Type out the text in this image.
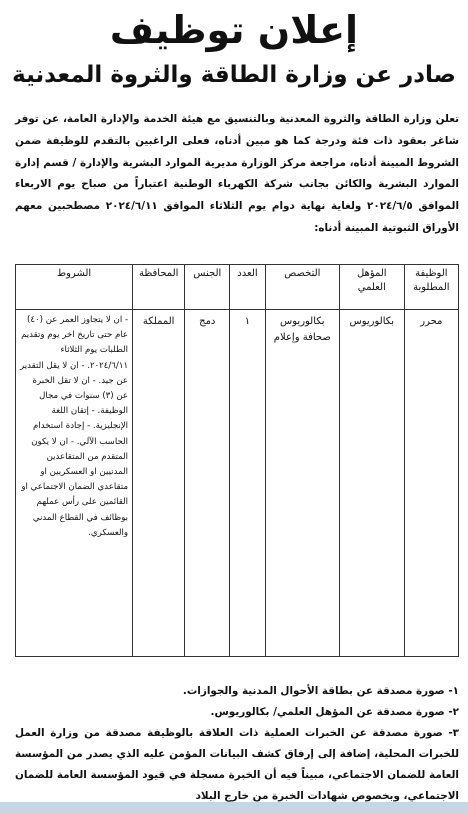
إعلان توظيف
صادر عن وزارة الطاقة والثروة المعدنية
تعلن وزارة الطاقة والثروة المعدنية وبالتنسيق مع هيئة الخدمة والإدارة العامة، عن توفر شاغر بعقود ذات فئة ودرجة كما هو مبين أدناه، فعلى الراغبين بالتقدم للوظيفة ضمن الشروط المبينة أدناه، مراجعة مركز الوزارة مديرية الموارد البشرية والإدارة / قسم إدارة الموارد البشرية والكائن بجانب شركة الكهرباء الوطنية اعتباراً من صباح يوم الاربعاء الموافق ٢٠٢٤/٦/٥ ولغاية نهاية دوام يوم الثلاثاء الموافق ٢٠٢٤/٦/١١ مصطحبين معهم الأوراق الثبوتية المبينة أدناه:
الوظيفة المطلوبة	المؤهل العلمي	التخصص	العدد	الجنس	المحافظة	الشروط
محرر	بكالوريوس	بكالوريوس صحافة وإعلام	١	دمج	المملكة	- ان لا يتجاوز العمر عن (٤٠) عام حتى تاريخ اخر يوم وتقديم الطلبات يوم الثلاثاء ٢٠٢٤/٦/١١. - ان لا يقل التقدير عن جيد. - ان لا تقل الخبرة عن (٣) سنوات في مجال الوظيفة. - إتقان اللغة الإنجليزية. - إجادة استخدام الحاسب الآلي. - ان لا يكون المتقدم من المتقاعدين المدنيين او العسكريين او متقاعدي الضمان الاجتماعي او القائمين على رأس عملهم بوظائف في القطاع المدني والعسكري.

١- صورة مصدقة عن بطاقة الأحوال المدنية والجوازات.

٢- صورة مصدقة عن المؤهل العلمي/ بكالوريوس.

٣- صورة مصدقة عن الخبرات العملية ذات العلاقة بالوظيفة مصدقة من وزارة العمل للخبرات المحلية، إضافة إلى إرفاق كشف البيانات المؤمن عليه الذي يصدر من المؤسسة العامة للضمان الاجتماعي، مبيناً فيه أن الخبرة مسجلة في قيود المؤسسة العامة للضمان الاجتماعي، وبخصوص شهادات الخبرة من خارج البلاد
